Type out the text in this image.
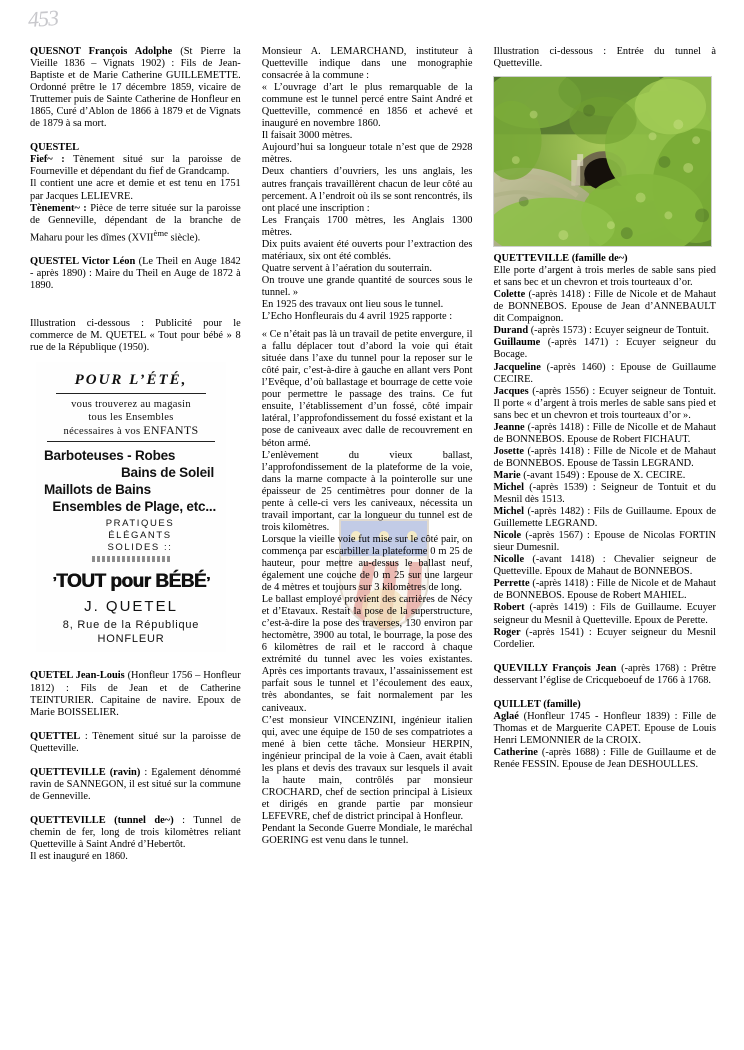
453

QUESNOT François Adolphe (St Pierre la Vieille 1836 – Vignats 1902) : Fils de Jean-Baptiste et de Marie Catherine GUILLEMETTE. Ordonné prêtre le 17 décembre 1859, vicaire de Truttemer puis de Sainte Catherine de Honfleur en 1865, Curé d’Ablon de 1866 à 1879 et de Vignats de 1879 à sa mort.

QUESTEL

Fief~ : Tènement situé sur la paroisse de Fourneville et dépendant du fief de Grandcamp.

Il contient une acre et demie et est tenu en 1751 par Jacques LELIEVRE.

Tènement~ : Pièce de terre située sur la paroisse de Genneville, dépendant de la branche de Maharu pour les dîmes (XVIIème siècle).

QUESTEL Victor Léon (Le Theil en Auge 1842 - après 1890) : Maire du Theil en Auge de 1872 à 1890.

Illustration ci-dessous : Publicité pour le commerce de M. QUETEL « Tout pour bébé » 8 rue de la République (1950).

POUR L’ÉTÉ,
vous trouverez au magasin
tous les Ensembles
nécessaires à vos ENFANTS
Barboteuses - Robes
Bains de Soleil
Maillots de Bains
Ensembles de Plage, etc...
PRATIQUES
ÉLÉGANTS
SOLIDES ::
’TOUT pour BÉBÉ’
J. QUETEL
8, Rue de la République
HONFLEUR

QUETEL Jean-Louis (Honfleur 1756 – Honfleur 1812) : Fils de Jean et de Catherine TEINTURIER. Capitaine de navire. Epoux de Marie BOISSELIER.

QUETTEL : Tènement situé sur la paroisse de Quetteville.

QUETTEVILLE (ravin) : Egalement dénommé ravin de SANNEGON, il est situé sur la commune de Genneville.

QUETTEVILLE (tunnel de~) : Tunnel de chemin de fer, long de trois kilomètres reliant Quetteville à Saint André d’Hebertôt.

Il est inauguré en 1860.

Monsieur A. LEMARCHAND, instituteur à Quetteville indique dans une monographie consacrée à la commune :

« L’ouvrage d’art le plus remarquable de la commune est le tunnel percé entre Saint André et Quetteville, commencé en 1856 et achevé et inauguré en novembre 1860.

Il faisait 3000 mètres.

Aujourd’hui sa longueur totale n’est que de 2928 mètres.

Deux chantiers d’ouvriers, les uns anglais, les autres français travaillèrent chacun de leur côté au percement. A l’endroit où ils se sont rencontrés, ils ont placé une inscription :

Les Français 1700 mètres, les Anglais 1300 mètres.

Dix puits avaient été ouverts pour l’extraction des matériaux, six ont été comblés.

Quatre servent à l’aération du souterrain.

On trouve une grande quantité de sources sous le tunnel. »

En 1925 des travaux ont lieu sous le tunnel.

L’Echo Honfleurais du 4 avril 1925 rapporte :

« Ce n’était pas là un travail de petite envergure, il a fallu déplacer tout d’abord la voie qui était située dans l’axe du tunnel pour la reposer sur le côté pair, c’est-à-dire à gauche en allant vers Pont l’Evêque, d’où ballastage et bourrage de cette voie pour permettre le passage des trains. Ce fut ensuite, l’établissement d’un fossé, côté impair latéral, l’approfondissement du fossé existant et la pose de caniveaux avec dalle de recouvrement en béton armé.

L’enlèvement du vieux ballast, l’approfondissement de la plateforme de la voie, dans la marne compacte à la pointerolle sur une épaisseur de 25 centimètres pour donner de la pente à celle-ci vers les caniveaux, nécessita un travail important, car la longueur du tunnel est de trois kilomètres.

Lorsque la vieille voie fut mise sur le côté pair, on commença par escarbiller la plateforme 0 m 25 de hauteur, pour mettre au-dessus le ballast neuf, également une couche de 0 m 25 sur une largeur de 4 mètres et toujours sur 3 kilomètres de long.

Le ballast employé provient des carrières de Nécy et d’Etavaux. Restait la pose de la superstructure, c’est-à-dire la pose des traverses, 130 environ par hectomètre, 3900 au total, le bourrage, la pose des 6 kilomètres de rail et le raccord à chaque extrémité du tunnel avec les voies existantes. Après ces importants travaux, l’assainissement est parfait sous le tunnel et l’écoulement des eaux, très abondantes, se fait normalement par les caniveaux.

C’est monsieur VINCENZINI, ingénieur italien qui, avec une équipe de 150 de ses compatriotes a mené à bien cette tâche. Monsieur HERPIN, ingénieur principal de la voie à Caen, avait établi les plans et devis des travaux sur lesquels il avait la haute main, contrôlés par monsieur CROCHARD, chef de section principal à Lisieux et dirigés en grande partie par monsieur LEFEVRE, chef de district principal à Honfleur.

Pendant la Seconde Guerre Mondiale, le maréchal GOERING est venu dans le tunnel.

Illustration ci-dessous : Entrée du tunnel à Quetteville.

QUETTEVILLE (famille de~)

Elle porte d’argent à trois merles de sable sans pied et sans bec et un chevron et trois tourteaux d’or.

Colette (-après 1418) : Fille de Nicole et de Mahaut de BONNEBOS. Epouse de Jean d’ANNEBAULT dit Compaignon.

Durand (-après 1573) : Ecuyer seigneur de Tontuit.

Guillaume (-après 1471) : Ecuyer seigneur du Bocage.

Jacqueline (-après 1460) : Epouse de Guillaume CECIRE.

Jacques (-après 1556) : Ecuyer seigneur de Tontuit. Il porte « d’argent à trois merles de sable sans pied et sans bec et un chevron et trois tourteaux d’or ».

Jeanne (-après 1418) : Fille de Nicolle et de Mahaut de BONNEBOS. Epouse de Robert FICHAUT.

Josette (-après 1418) : Fille de Nicole et de Mahaut de BONNEBOS. Epouse de Tassin LEGRAND.

Marie (-avant 1549) : Epouse de X. CECIRE.

Michel (-après 1539) : Seigneur de Tontuit et du Mesnil dès 1513.

Michel (-après 1482) : Fils de Guillaume. Epoux de Guillemette LEGRAND.

Nicole (-après 1567) : Epouse de Nicolas FORTIN sieur Dumesnil.

Nicolle (-avant 1418) : Chevalier seigneur de Quetteville. Epoux de Mahaut de BONNEBOS.

Perrette (-après 1418) : Fille de Nicole et de Mahaut de BONNEBOS. Epouse de Robert MAHIEL.

Robert (-après 1419) : Fils de Guillaume. Ecuyer seigneur du Mesnil à Quetteville. Epoux de Perette.

Roger (-après 1541) : Ecuyer seigneur du Mesnil Cordelier.

QUEVILLY François Jean (-après 1768) : Prêtre desservant l’église de Cricqueboeuf de 1766 à 1768.

QUILLET (famille)

Aglaé (Honfleur 1745 - Honfleur 1839) : Fille de Thomas et de Marguerite CAPET. Epouse de Louis Henri LEMONNIER de la CROIX.

Catherine (-après 1688) : Fille de Guillaume et de Renée FESSIN. Epouse de Jean DESHOULLES.
